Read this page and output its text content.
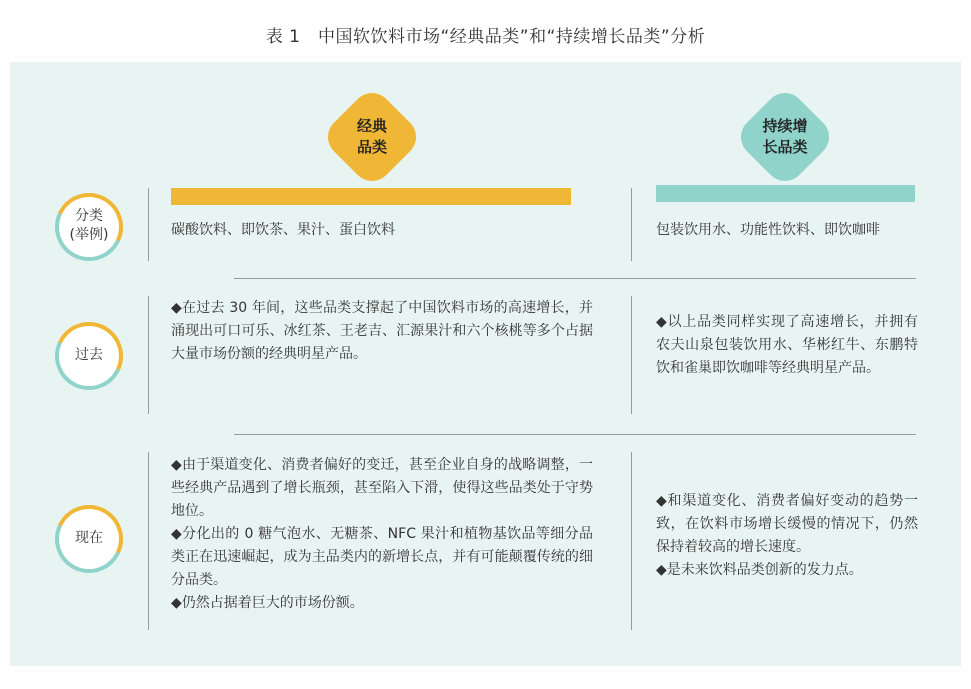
表 1　中国软饮料市场“经典品类”和“持续增长品类”分析
经典
品类
持续增
长品类
分类
(举例)
过去
现在
碳酸饮料、即饮茶、果汁、蛋白饮料	包装饮用水、功能性饮料、即饮咖啡

◆在过去 30 年间，这些品类支撑起了中国饮料市场的高速增长，并涌现出可口可乐、冰红茶、王老吉、汇源果汁和六个核桃等多个占据大量市场份额的经典明星产品。

◆以上品类同样实现了高速增长，并拥有农夫山泉包装饮用水、华彬红牛、东鹏特饮和雀巢即饮咖啡等经典明星产品。

◆由于渠道变化、消费者偏好的变迁，甚至企业自身的战略调整，一些经典产品遇到了增长瓶颈，甚至陷入下滑，使得这些品类处于守势地位。

◆分化出的 0 糖气泡水、无糖茶、NFC 果汁和植物基饮品等细分品类正在迅速崛起，成为主品类内的新增长点，并有可能颠覆传统的细分品类。

◆仍然占据着巨大的市场份额。

◆和渠道变化、消费者偏好变动的趋势一致，在饮料市场增长缓慢的情况下，仍然保持着较高的增长速度。

◆是未来饮料品类创新的发力点。
